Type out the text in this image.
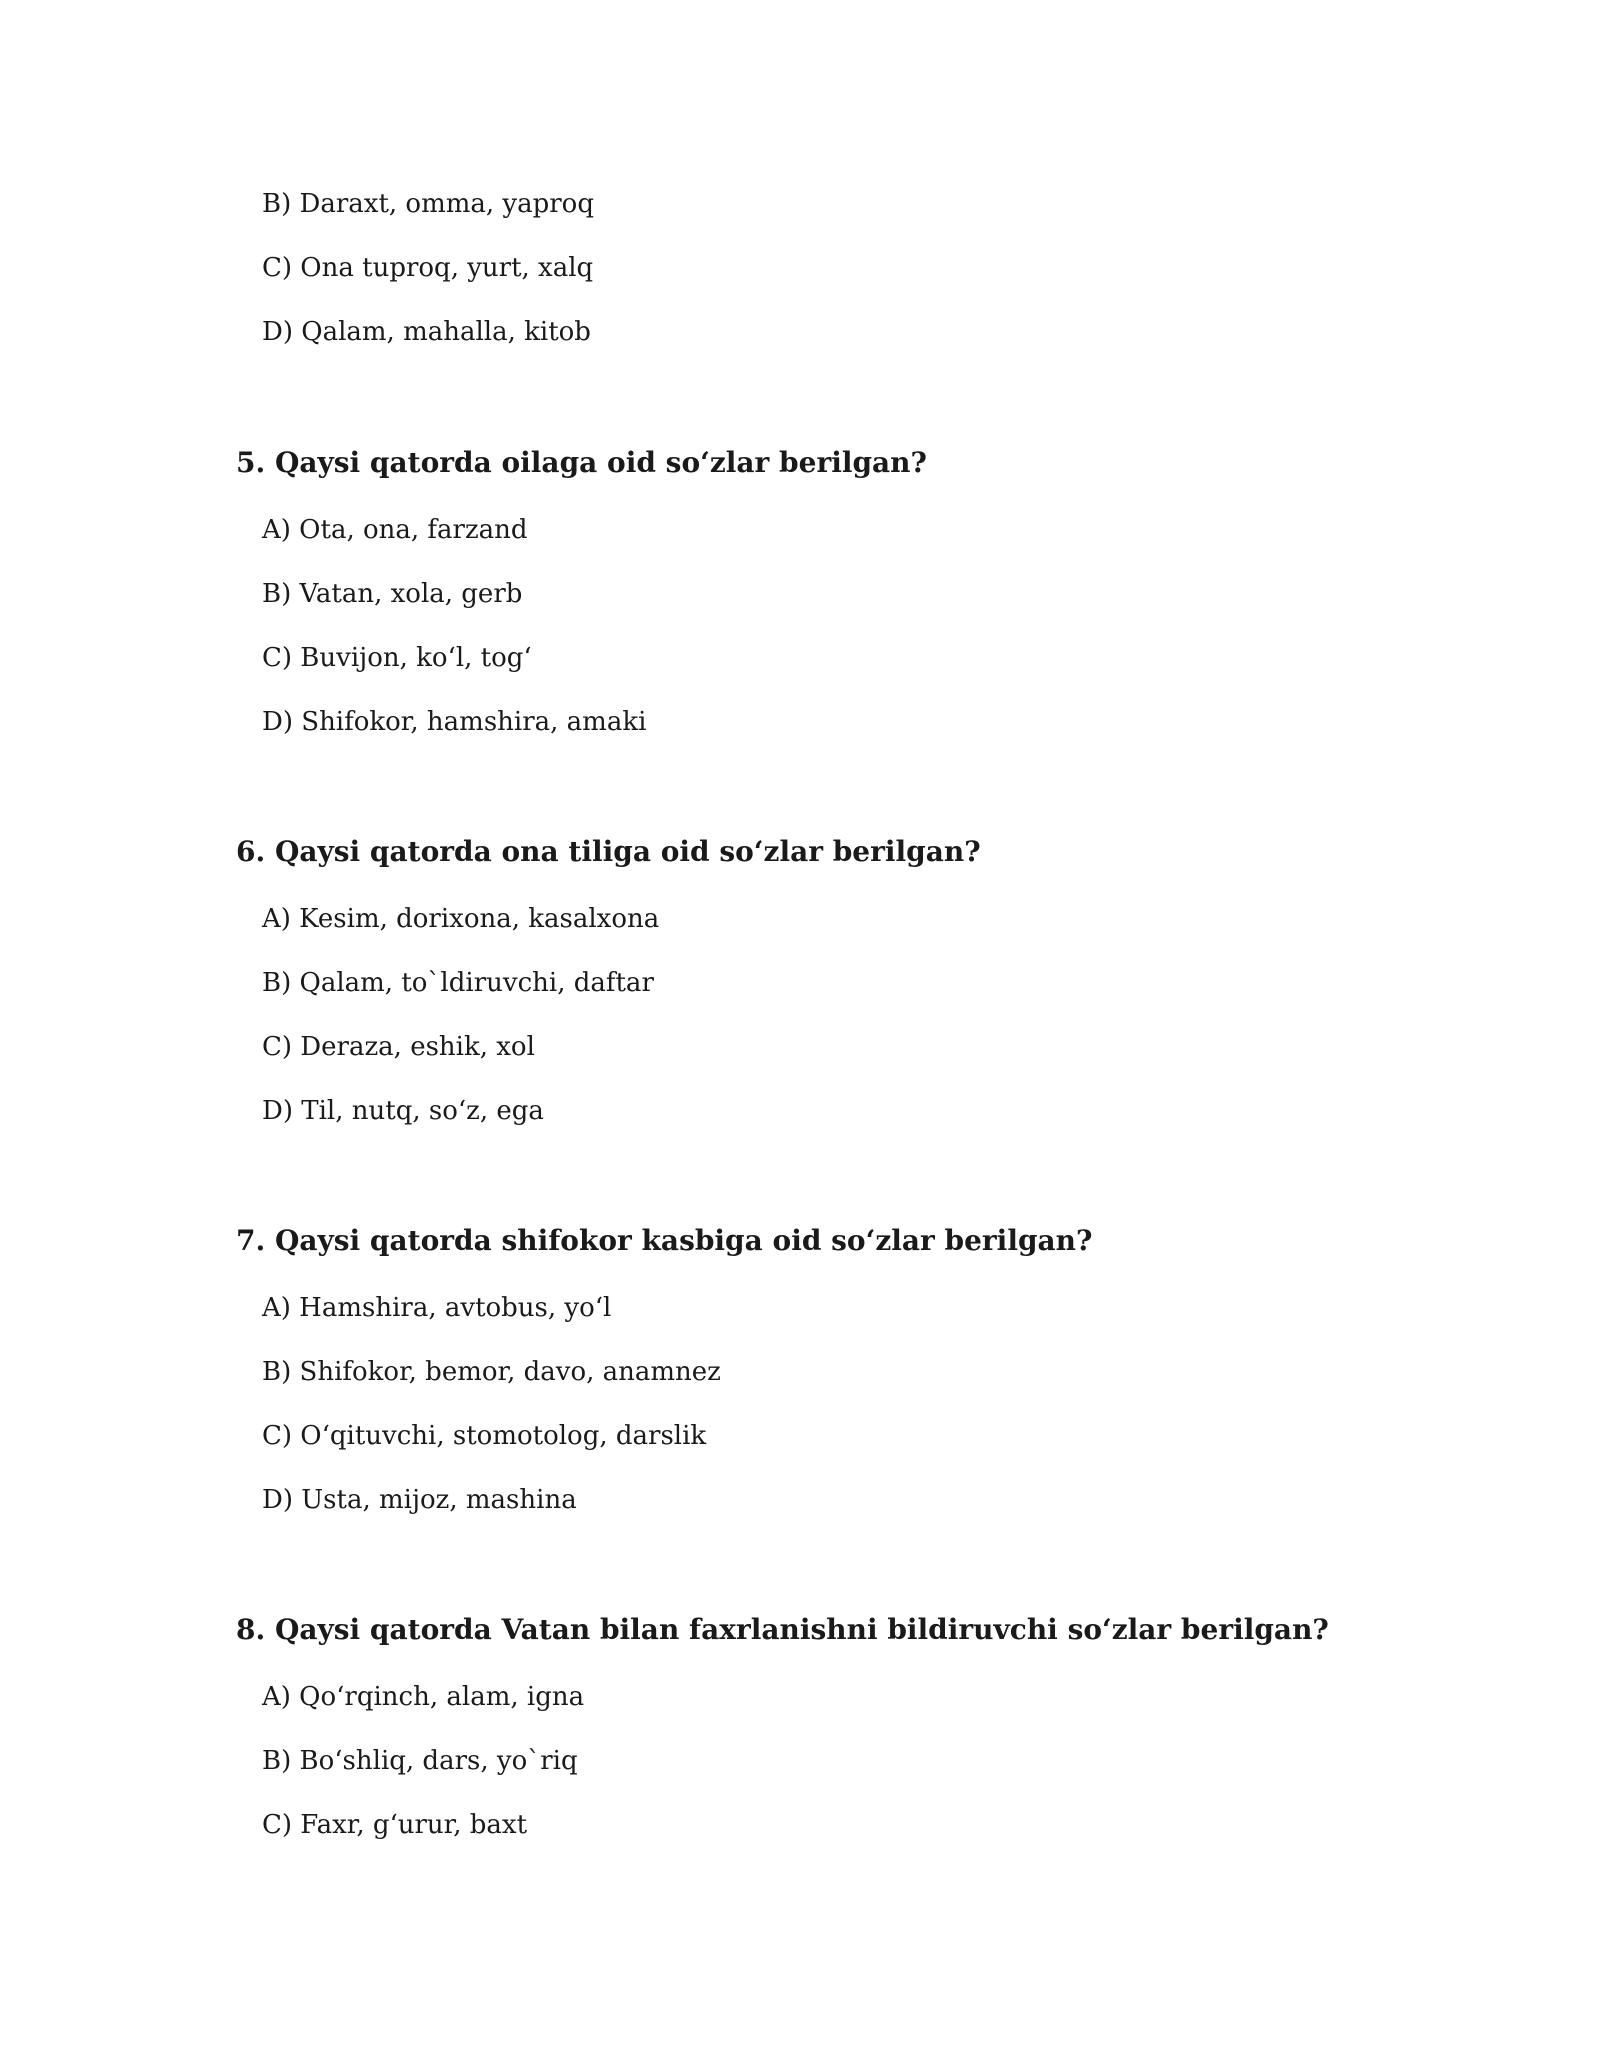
B) Daraxt, omma, yaproq
C) Ona tuproq, yurt, xalq
D) Qalam, mahalla, kitob
5. Qaysi qatorda oilaga oid so‘zlar berilgan?
A) Ota, ona, farzand
B) Vatan, xola, gerb
C) Buvijon, ko‘l, tog‘
D) Shifokor, hamshira, amaki
6. Qaysi qatorda ona tiliga oid so‘zlar berilgan?
A) Kesim, dorixona, kasalxona
B) Qalam, to`ldiruvchi, daftar
C) Deraza, eshik, xol
D) Til, nutq, so‘z, ega
7. Qaysi qatorda shifokor kasbiga oid so‘zlar berilgan?
A) Hamshira, avtobus, yo‘l
B) Shifokor, bemor, davo, anamnez
C) O‘qituvchi, stomotolog, darslik
D) Usta, mijoz, mashina
8. Qaysi qatorda Vatan bilan faxrlanishni bildiruvchi so‘zlar berilgan?
A) Qo‘rqinch, alam, igna
B) Bo‘shliq, dars, yo`riq
C) Faxr, g‘urur, baxt
